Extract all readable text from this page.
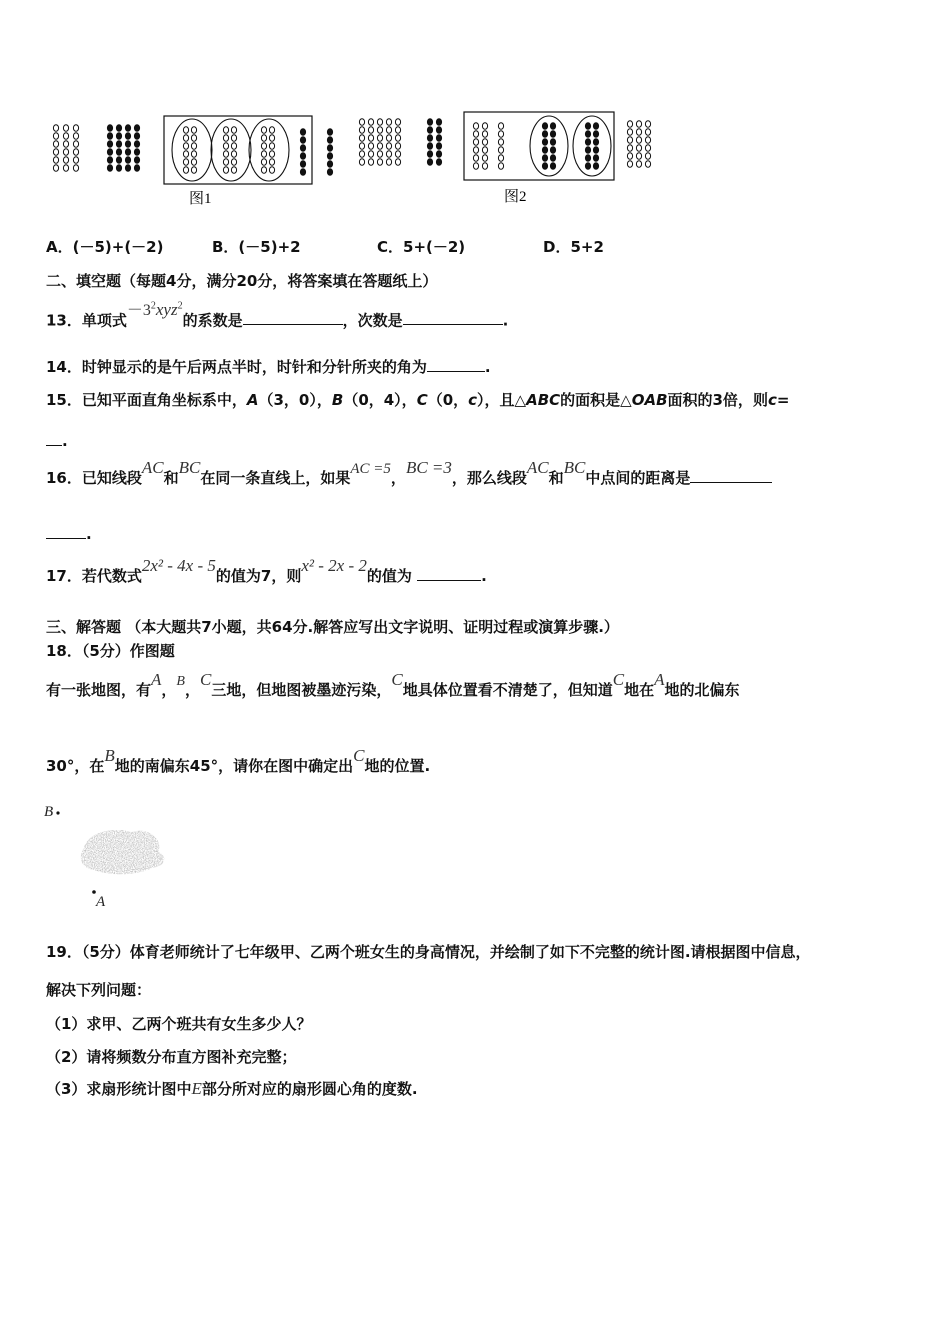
图1	图2
A．(－5)+(－2)	B．(－5)+2	C．5+(－2)	D．5+2
二、填空题（每题4分，满分20分，将答案填在答题纸上）
13．单项式$-3^2xyz^2$的系数是	，次数是	.
14．时钟显示的是午后两点半时，时针和分针所夹的角为	.
15．已知平面直角坐标系中，A（3，0），B（0，4），C（0，c），且△ABC的面积是△OAB面积的3倍，则c=
.
16．已知线段AC和BC在同一条直线上，如果AC =5，BC =3，那么线段AC和BC中点间的距离是
.
17．若代数式2x² - 4x - 5的值为7，则x² - 2x - 2的值为	.
三、解答题 （本大题共7小题，共64分.解答应写出文字说明、证明过程或演算步骤.）
18．（5分）作图题
有一张地图，有A，B，C三地，但地图被墨迹污染，C地具体位置看不清楚了，但知道C地在A地的北偏东
30°，在B地的南偏东45°，请你在图中确定出C地的位置.
B
A
19．（5分）体育老师统计了七年级甲、乙两个班女生的身高情况，并绘制了如下不完整的统计图.请根据图中信息，
解决下列问题：
（1）求甲、乙两个班共有女生多少人？
（2）请将频数分布直方图补充完整；
（3）求扇形统计图中E部分所对应的扇形圆心角的度数.
